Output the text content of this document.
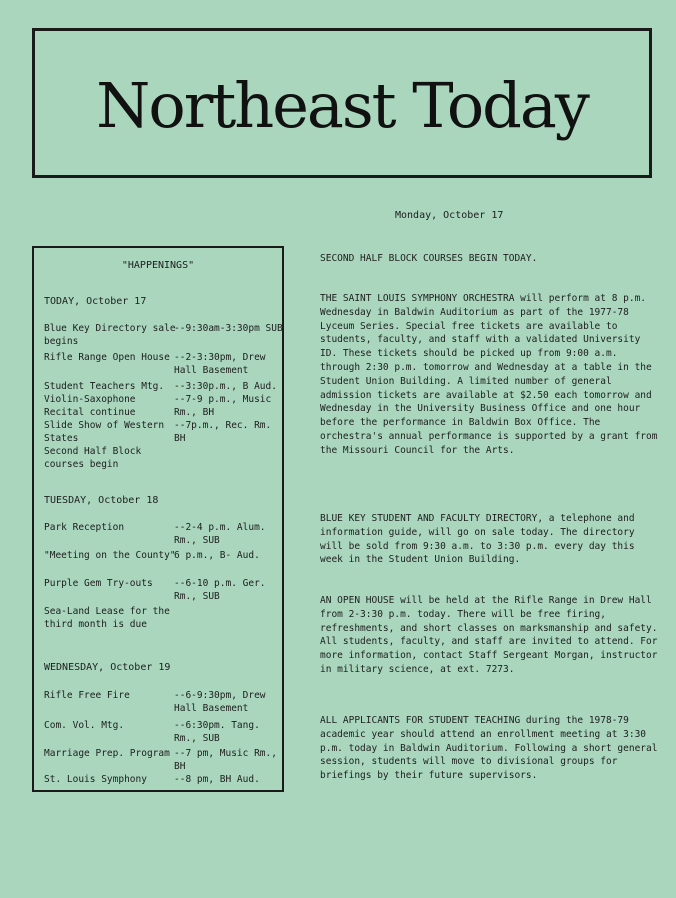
Northeast Today
Monday, October 17
"HAPPENINGS"
TODAY, October 17
Blue Key Directory sale begins
--9:30am-3:30pm SUB
Rifle Range Open House --2-3:30pm, Drew Hall Basement
Student Teachers Mtg.	--3:30p.m., B Aud.
Violin-Saxophone Recital continue
--7-9 p.m., Music Rm., BH
Slide Show of Western States
--7p.m., Rec. Rm. BH
Second Half Block courses begin
TUESDAY, October 18
Park Reception	--2-4 p.m. Alum. Rm., SUB
"Meeting on the County"
6 p.m., B- Aud.
Purple Gem Try-outs	--6-10 p.m. Ger. Rm., SUB
Sea-Land Lease for the third month is due
WEDNESDAY, October 19
Rifle Free Fire	--6-9:30pm, Drew Hall Basement
Com. Vol. Mtg.	--6:30pm. Tang. Rm., SUB
Marriage Prep. Program --7 pm, Music Rm., BH
St. Louis Symphony	--8 pm, BH Aud.

SECOND HALF BLOCK COURSES BEGIN TODAY.

THE SAINT LOUIS SYMPHONY ORCHESTRA will perform at 8 p.m. Wednesday in Baldwin Auditorium as part of the 1977-78 Lyceum Series. Special free tickets are available to students, faculty, and staff with a validated University ID. These tickets should be picked up from 9:00 a.m. through 2:30 p.m. tomorrow and Wednesday at a table in the Student Union Building. A limited number of general admission tickets are available at $2.50 each tomorrow and Wednesday in the University Business Office and one hour before the performance in Baldwin Box Office. The orchestra's annual performance is supported by a grant from the Missouri Council for the Arts.

BLUE KEY STUDENT AND FACULTY DIRECTORY, a telephone and information guide, will go on sale today. The directory will be sold from 9:30 a.m. to 3:30 p.m. every day this week in the Student Union Building.

AN OPEN HOUSE will be held at the Rifle Range in Drew Hall from 2-3:30 p.m. today. There will be free firing, refreshments, and short classes on marksmanship and safety. All students, faculty, and staff are invited to attend. For more information, contact Staff Sergeant Morgan, instructor in military science, at ext. 7273.

ALL APPLICANTS FOR STUDENT TEACHING during the 1978-79 academic year should attend an enrollment meeting at 3:30 p.m. today in Baldwin Auditorium. Following a short general session, students will move to divisional groups for briefings by their future supervisors.
